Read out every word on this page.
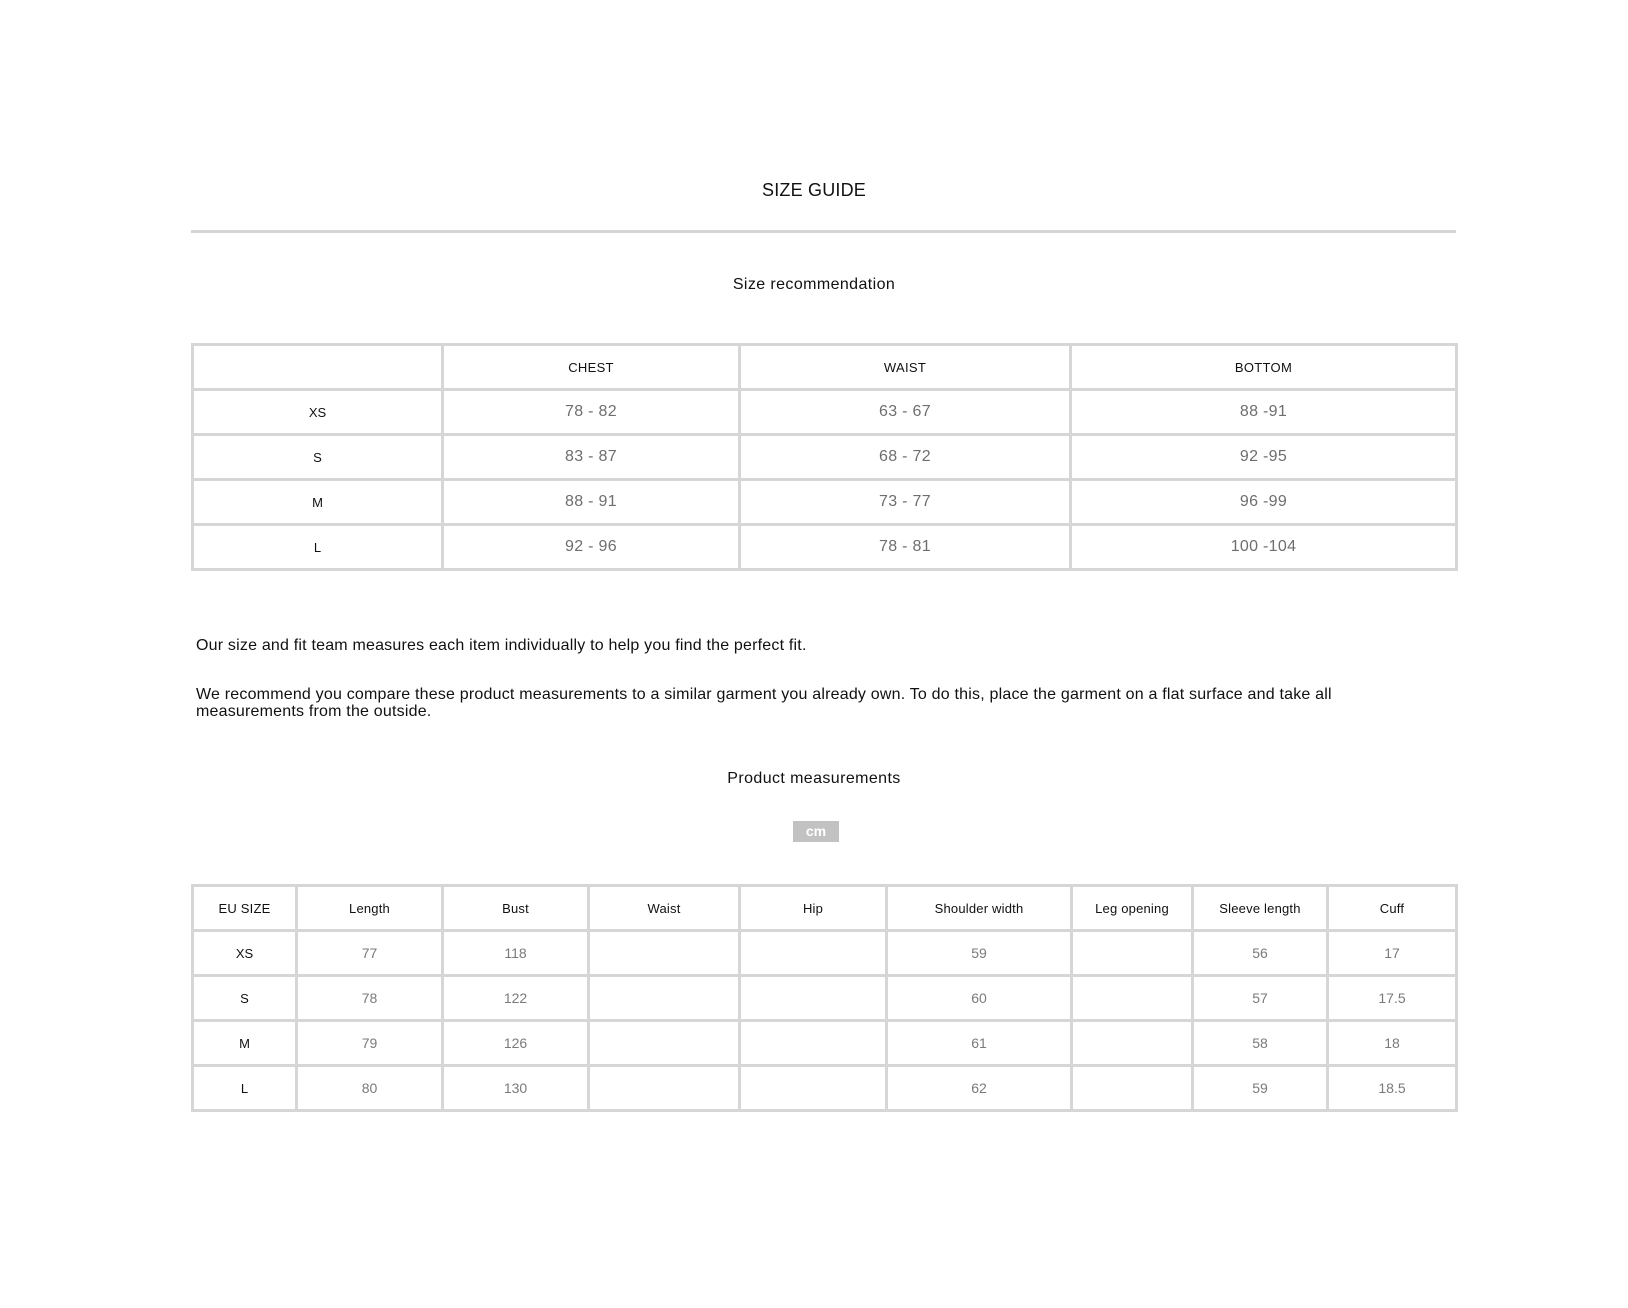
SIZE GUIDE
Size recommendation
	CHEST	WAIST	BOTTOM
XS	78 - 82	63 - 67	88 -91
S	83 - 87	68 - 72	92 -95
M	88 - 91	73 - 77	96 -99
L	92 - 96	78 - 81	100 -104
Our size and fit team measures each item individually to help you find the perfect fit.
We recommend you compare these product measurements to a similar garment you already own. To do this, place the garment on a flat surface and take all measurements from the outside.
Product measurements
cm
EU SIZE	Length	Bust	Waist	Hip	Shoulder width	Leg opening	Sleeve length	Cuff
XS	77	118			59		56	17
S	78	122			60		57	17.5
M	79	126			61		58	18
L	80	130			62		59	18.5
